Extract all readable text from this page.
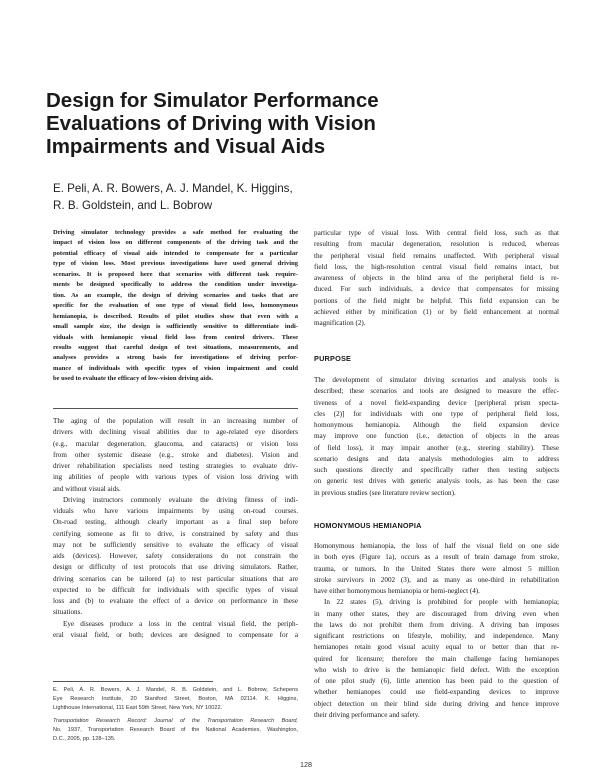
Design for Simulator Performance
Evaluations of Driving with Vision
Impairments and Visual Aids
E. Peli, A. R. Bowers, A. J. Mandel, K. Higgins,
R. B. Goldstein, and L. Bobrow

Driving simulator technology provides a safe method for evaluating the
impact of vision loss on different components of the driving task and the
potential efficacy of visual aids intended to compensate for a particular
type of vision loss. Most previous investigations have used general driving
scenarios. It is proposed here that scenarios with different task require-
ments be designed specifically to address the condition under investiga-
tion. As an example, the design of driving scenarios and tasks that are
specific for the evaluation of one type of visual field loss, homonymous
hemianopia, is described. Results of pilot studies show that even with a
small sample size, the design is sufficiently sensitive to differentiate indi-
viduals with hemianopic visual field loss from control drivers. These
results suggest that careful design of test situations, measurements, and
analyses provides a strong basis for investigations of driving perfor-
mance of individuals with specific types of vision impairment and could
be used to evaluate the efficacy of low-vision driving aids.

The aging of the population will result in an increasing number of
drivers with declining visual abilities due to age-related eye disorders
(e.g., macular degeneration, glaucoma, and cataracts) or vision loss
from other systemic disease (e.g., stroke and diabetes). Vision and
driver rehabilitation specialists need testing strategies to evaluate driv-
ing abilities of people with various types of vision loss driving with
and without visual aids.

Driving instructors commonly evaluate the driving fitness of indi-
viduals who have various impairments by using on-road courses.
On-road testing, although clearly important as a final step before
certifying someone as fit to drive, is constrained by safety and thus
may not be sufficiently sensitive to evaluate the efficacy of visual
aids (devices). However, safety considerations do not constrain the
design or difficulty of test protocols that use driving simulators. Rather,
driving scenarios can be tailored (a) to test particular situations that are
expected to be difficult for individuals with specific types of visual
loss and (b) to evaluate the effect of a device on performance in these
situations.

Eye diseases produce a loss in the central visual field, the periph-
eral visual field, or both; devices are designed to compensate for a

particular type of visual loss. With central field loss, such as that
resulting from macular degeneration, resolution is reduced, whereas
the peripheral visual field remains unaffected. With peripheral visual
field loss, the high-resolution central visual field remains intact, but
awareness of objects in the blind area of the peripheral field is re-
duced. For such individuals, a device that compensates for missing
portions of the field might be helpful. This field expansion can be
achieved either by minification (1) or by field enhancement at normal
magnification (2).

PURPOSE

The development of simulator driving scenarios and analysis tools is
described; these scenarios and tools are designed to measure the effec-
tiveness of a novel field-expanding device [peripheral prism specta-
cles (2)] for individuals with one type of peripheral field loss,
homonymous hemianopia. Although the field expansion device
may improve one function (i.e., detection of objects in the areas
of field loss), it may impair another (e.g., steering stability). These
scenario designs and data analysis methodologies aim to address
such questions directly and specifically rather then testing subjects
on generic test drives with generic analysis tools, as has been the case
in previous studies (see literature review section).

HOMONYMOUS HEMIANOPIA

Homonymous hemianopia, the loss of half the visual field on one side
in both eyes (Figure 1a), occurs as a result of brain damage from stroke,
trauma, or tumors. In the United States there were almost 5 million
stroke survivors in 2002 (3), and as many as one-third in rehabilitation
have either homonymous hemianopia or hemi-neglect (4).

In 22 states (5), driving is prohibited for people with hemianopia;
in many other states, they are discouraged from driving even when
the laws do not prohibit them from driving. A driving ban imposes
significant restrictions on lifestyle, mobility, and independence. Many
hemianopes retain good visual acuity equal to or better than that re-
quired for licensure; therefore the main challenge facing hemianopes
who wish to drive is the hemianopic field defect. With the exception
of one pilot study (6), little attention has been paid to the question of
whether hemianopes could use field-expanding devices to improve
object detection on their blind side during driving and hence improve
their driving performance and safety.

E. Peli, A. R. Bowers, A. J. Mandel, R. B. Goldstein, and L. Bobrow, Schepens
Eye Research Institute, 20 Staniford Street, Boston, MA 02114. K. Higgins,
Lighthouse International, 111 East 59th Street, New York, NY 10022.
Transportation Research Record: Journal of the Transportation Research Board,
No. 1937, Transportation Research Board of the National Academies, Washington,
D.C., 2005, pp. 128–135.
128
